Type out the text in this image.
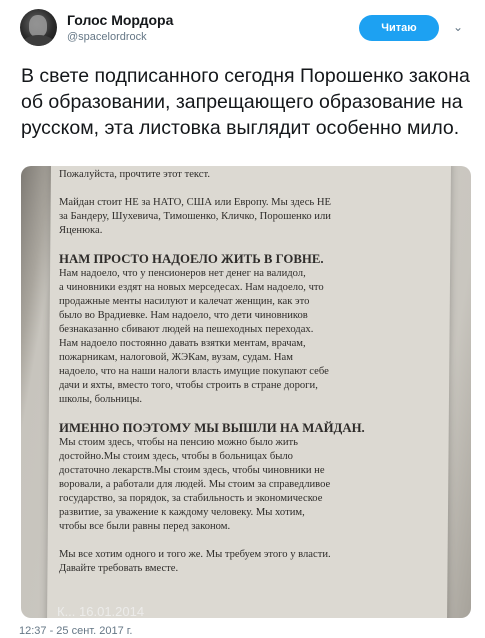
Голос Мордора
@spacelordrock
Читаю	⌄
В свете подписанного сегодня Порошенко закона об образовании, запрещающего образование на русском, эта листовка выглядит особенно мило.

Пожалуйста, прочтите этот текст.

Майдан стоит НЕ за НАТО, США или Европу. Мы здесь НЕ

за Бандеру, Шухевича, Тимошенко, Кличко, Порошенко или

Яценюка.

НАМ ПРОСТО НАДОЕЛО ЖИТЬ В ГОВНЕ.

Нам надоело, что у пенсионеров нет денег на валидол,

а чиновники ездят на новых мерседесах. Нам надоело, что

продажные менты насилуют и калечат женщин, как это

было во Врадиевке. Нам надоело, что дети чиновников

безнаказанно сбивают людей на пешеходных переходах.

Нам надоело постоянно давать взятки ментам, врачам,

пожарникам, налоговой, ЖЭКам, вузам, судам. Нам

надоело, что на наши налоги власть имущие покупают себе

дачи и яхты, вместо того, чтобы строить в стране дороги,

школы, больницы.

ИМЕННО ПОЭТОМУ МЫ ВЫШЛИ НА МАЙДАН.

Мы стоим здесь, чтобы на пенсию можно было жить

достойно.Мы стоим здесь, чтобы в больницах было

достаточно лекарств.Мы стоим здесь, чтобы чиновники не

воровали, а работали для людей. Мы стоим за справедливое

государство, за порядок, за стабильность и экономическое

развитие, за уважение к каждому человеку. Мы хотим,

чтобы все были равны перед законом.

Мы все хотим одного и того же. Мы требуем этого у власти.

Давайте требовать вместе.

К... 16.01.2014
12:37 - 25 сент. 2017 г.
